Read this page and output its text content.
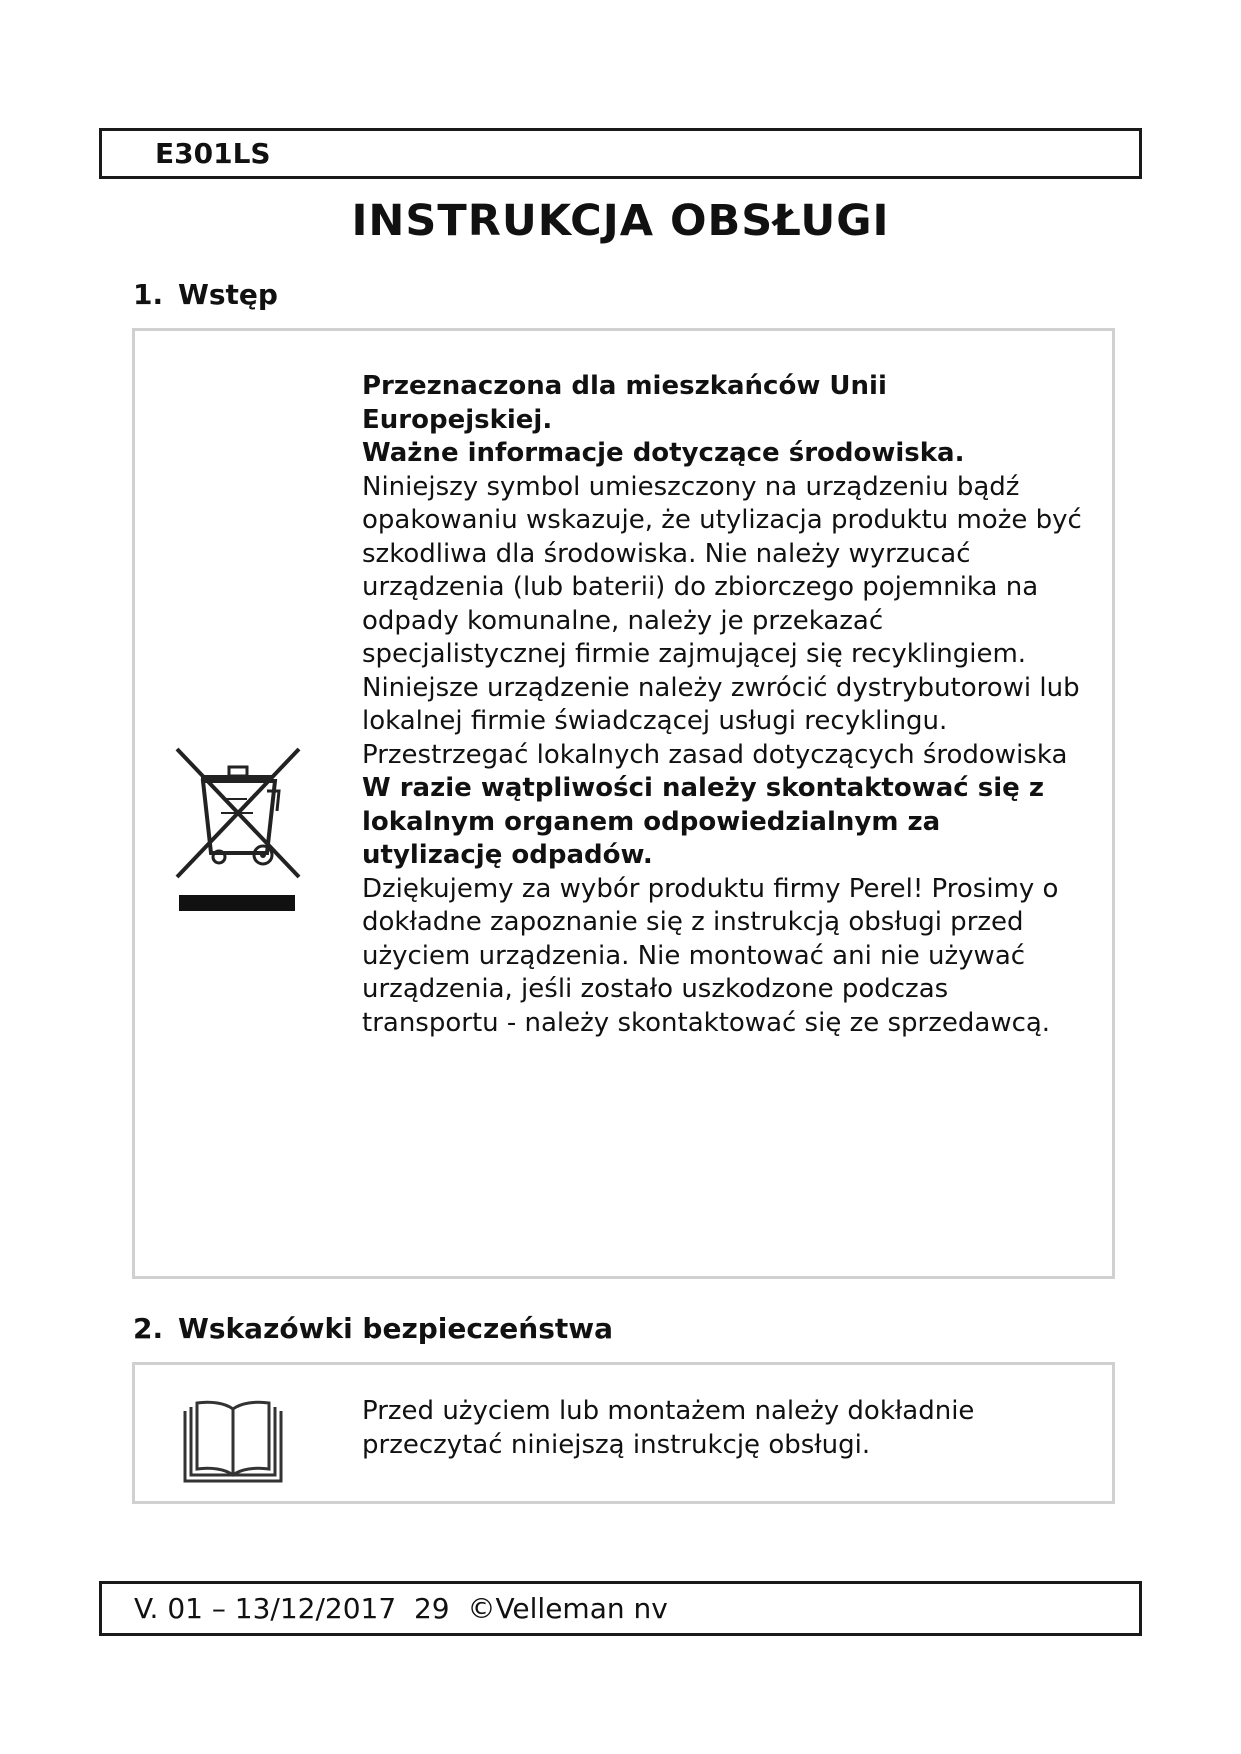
E301LS
INSTRUKCJA OBSŁUGI
1. Wstęp

Przeznaczona dla mieszkańców Unii Europejskiej.

Ważne informacje dotyczące środowiska.

Niniejszy symbol umieszczony na urządzeniu bądź opakowaniu wskazuje, że utylizacja produktu może być szkodliwa dla środowiska. Nie należy wyrzucać urządzenia (lub baterii) do zbiorczego pojemnika na odpady komunalne, należy je przekazać specjalistycznej firmie zajmującej się recyklingiem. Niniejsze urządzenie należy zwrócić dystrybutorowi lub lokalnej firmie świadczącej usługi recyklingu. Przestrzegać lokalnych zasad dotyczących środowiska

W razie wątpliwości należy skontaktować się z lokalnym organem odpowiedzialnym za utylizację odpadów.

Dziękujemy za wybór produktu firmy Perel! Prosimy o dokładne zapoznanie się z instrukcją obsługi przed użyciem urządzenia. Nie montować ani nie używać urządzenia, jeśli zostało uszkodzone podczas transportu - należy skontaktować się ze sprzedawcą.

2. Wskazówki bezpieczeństwa

Przed użyciem lub montażem należy dokładnie przeczytać niniejszą instrukcję obsługi.

V. 01 – 13/12/2017 29 ©Velleman nv
